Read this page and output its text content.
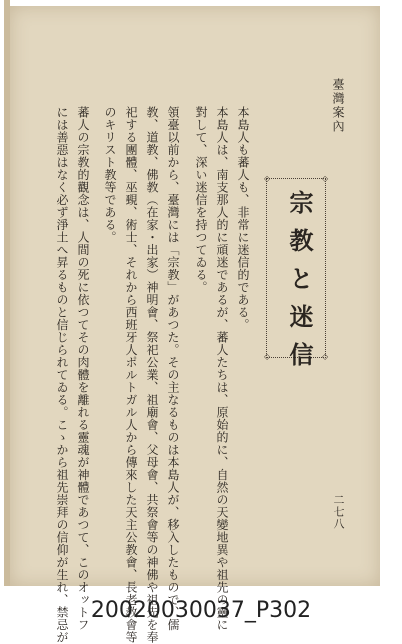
臺灣案內
二七八
◇	◇
◇	◇
宗教と迷信
本島人も蕃人も、非常に迷信的である。
本島人は、南支那人的に頑迷であるが、蕃人たちは、原始的に、自然の天變地異や祖先の靈に
對して、深い迷信を持つてゐる。
領臺以前から、臺灣には「宗教」があつた。その主なるものは本島人が、移入したもので、儒
教、道教、佛教（在家・出家）神明會、祭祀公業、祖廟會、父母會、共祭會等の神佛や祖先を奉
祀する團體、巫覡、術士、それから西班牙人ポルトガル人から傳來した天主公教會、長老教會等
のキリスト教等である。
蕃人の宗教的觀念は、人間の死に依つてその肉體を離れる靈魂が神體であつて、このオットフ
には善惡はなく必ず淨土へ昇るものと信じられてゐる。こゝから祖先崇拜の信仰が生れ、禁忌が 20020030037_P302
